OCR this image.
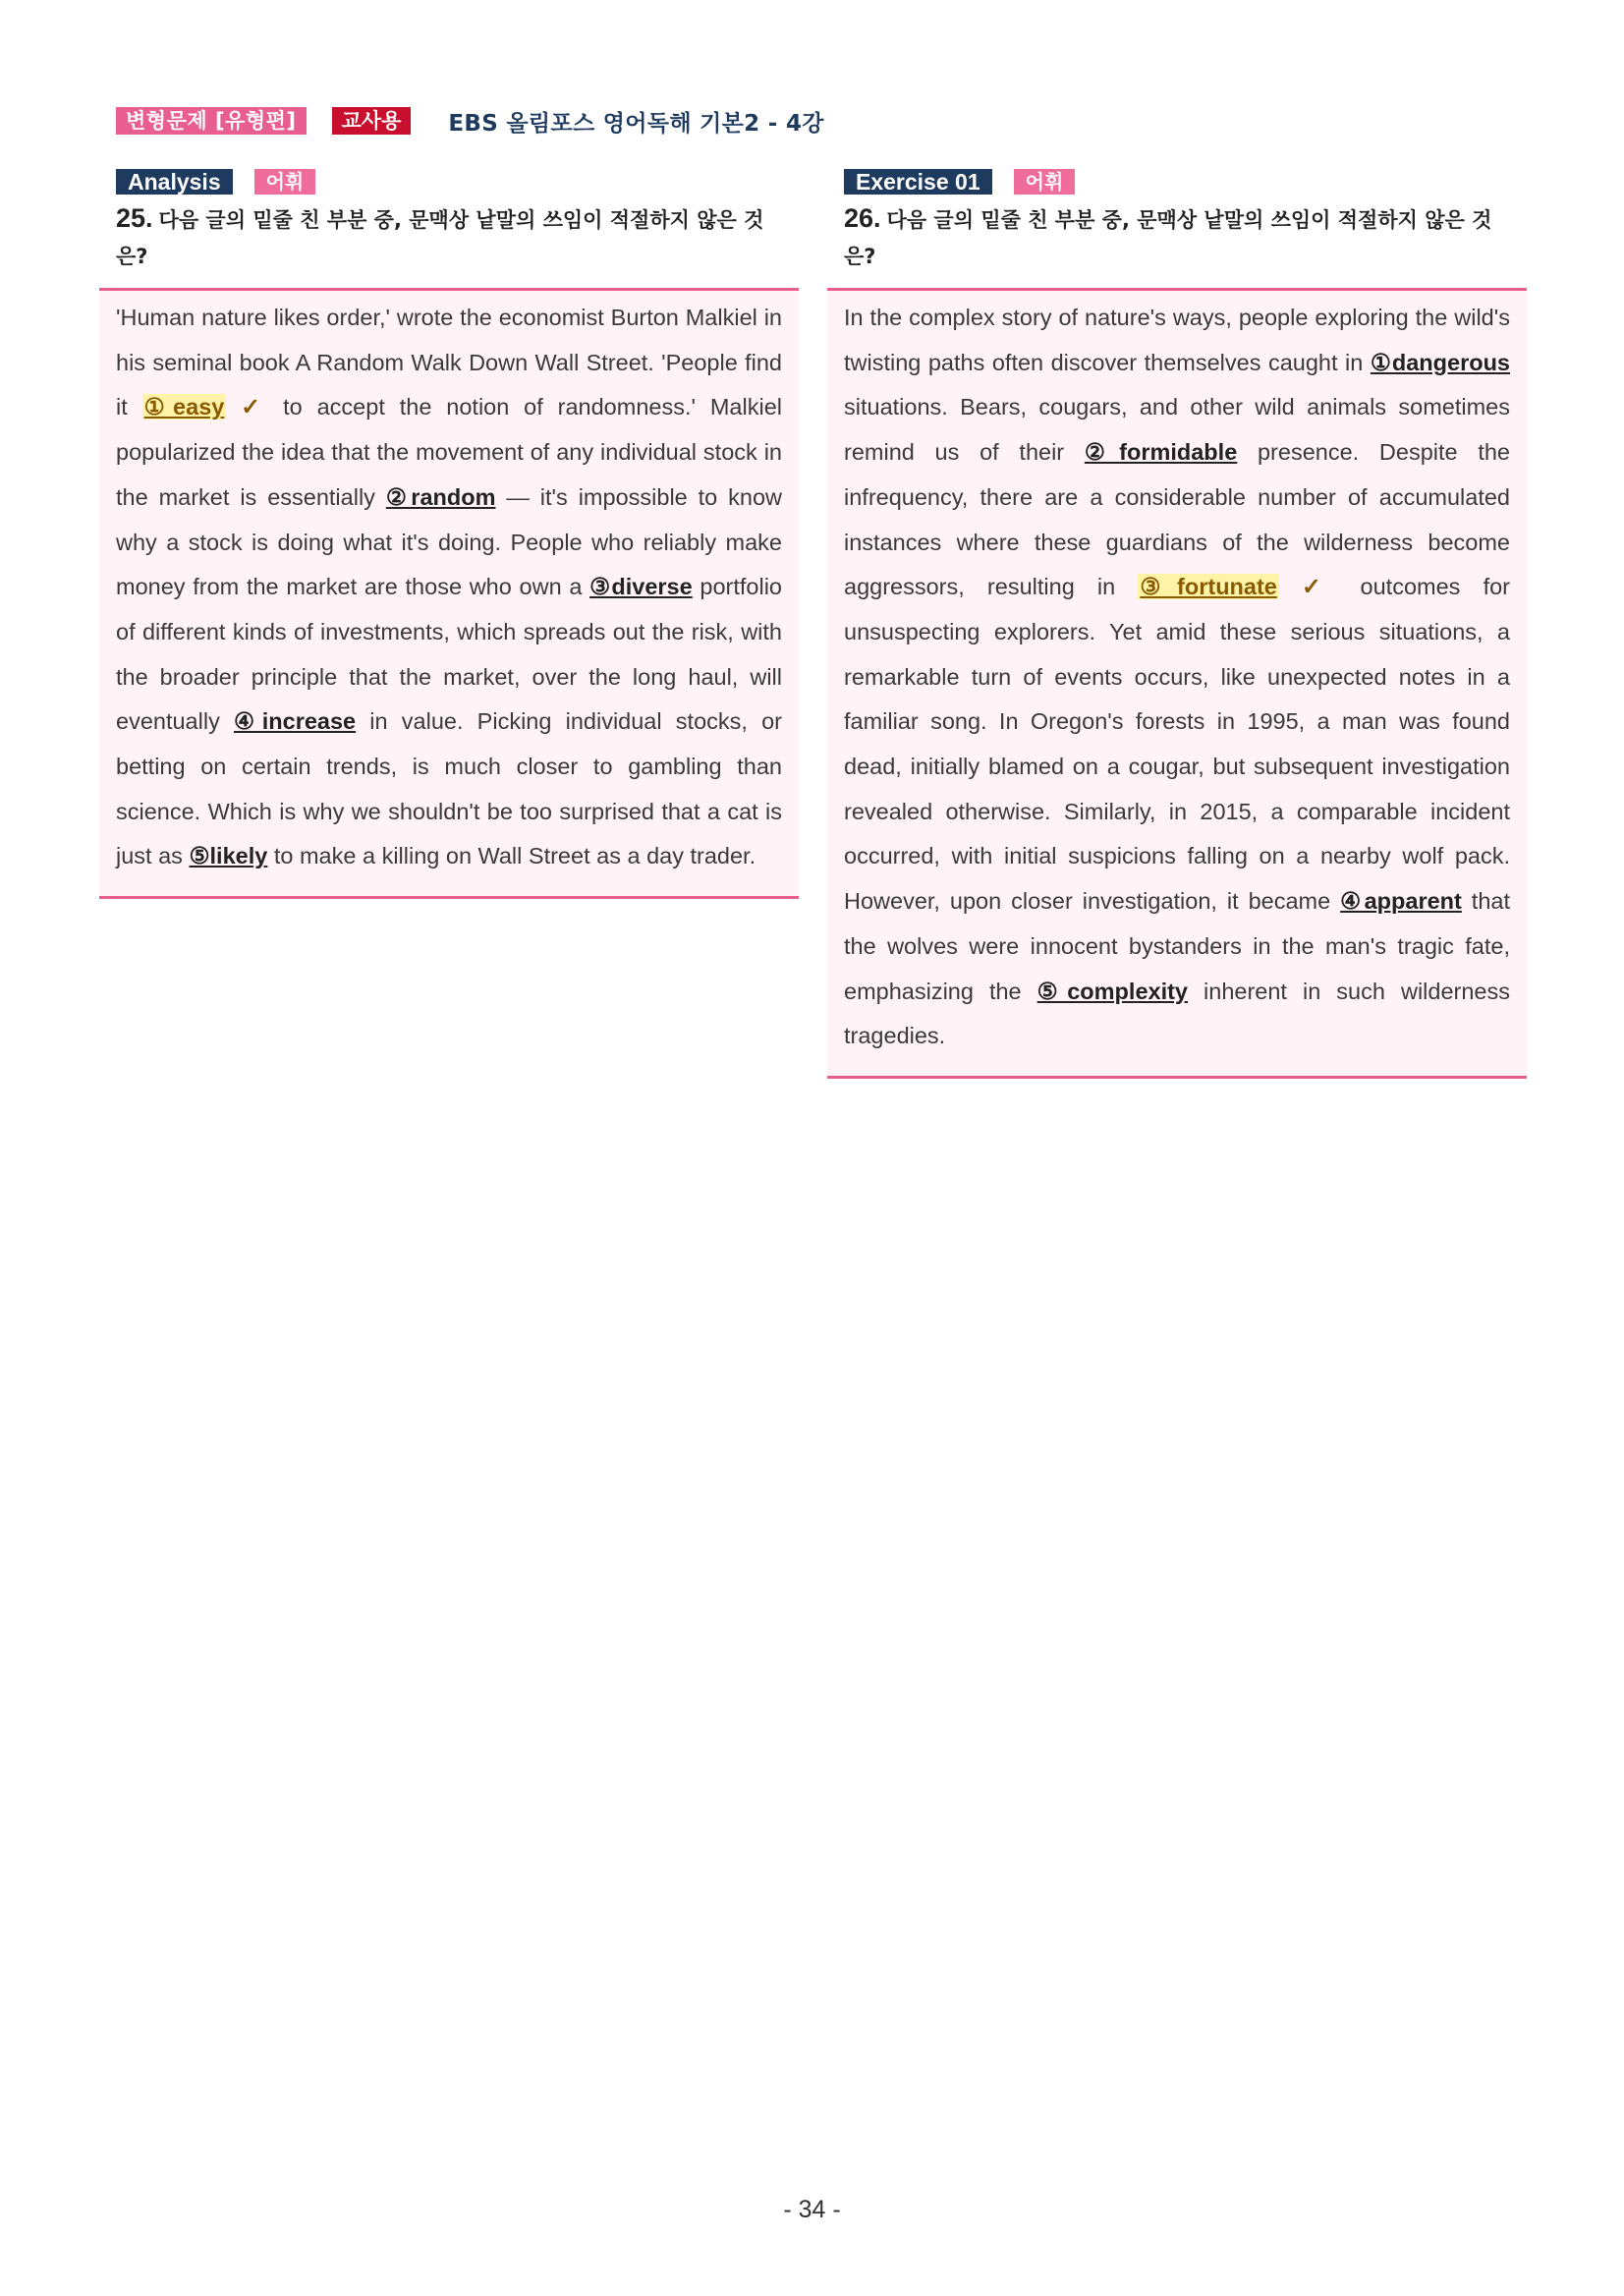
변형문제 [유형편]	교사용	EBS 올림포스 영어독해 기본2 - 4강
Analysis	어휘
25. 다음 글의 밑줄 친 부분 중, 문맥상 낱말의 쓰임이 적절하지 않은 것은?

'Human nature likes order,' wrote the economist Burton Malkiel in his seminal book A Random Walk Down Wall Street. 'People find it ①easy ✓ to accept the notion of randomness.' Malkiel popularized the idea that the movement of any individual stock in the market is essentially ②random — it's impossible to know why a stock is doing what it's doing. People who reliably make money from the market are those who own a ③diverse portfolio of different kinds of investments, which spreads out the risk, with the broader principle that the market, over the long haul, will eventually ④increase in value. Picking individual stocks, or betting on certain trends, is much closer to gambling than science. Which is why we shouldn't be too surprised that a cat is just as ⑤likely to make a killing on Wall Street as a day trader.

Exercise 01	어휘
26. 다음 글의 밑줄 친 부분 중, 문맥상 낱말의 쓰임이 적절하지 않은 것은?

In the complex story of nature's ways, people exploring the wild's twisting paths often discover themselves caught in ①dangerous situations. Bears, cougars, and other wild animals sometimes remind us of their ②formidable presence. Despite the infrequency, there are a considerable number of accumulated instances where these guardians of the wilderness become aggressors, resulting in ③fortunate ✓ outcomes for unsuspecting explorers. Yet amid these serious situations, a remarkable turn of events occurs, like unexpected notes in a familiar song. In Oregon's forests in 1995, a man was found dead, initially blamed on a cougar, but subsequent investigation revealed otherwise. Similarly, in 2015, a comparable incident occurred, with initial suspicions falling on a nearby wolf pack. However, upon closer investigation, it became ④apparent that the wolves were innocent bystanders in the man's tragic fate, emphasizing the ⑤complexity inherent in such wilderness tragedies.

- 34 -
